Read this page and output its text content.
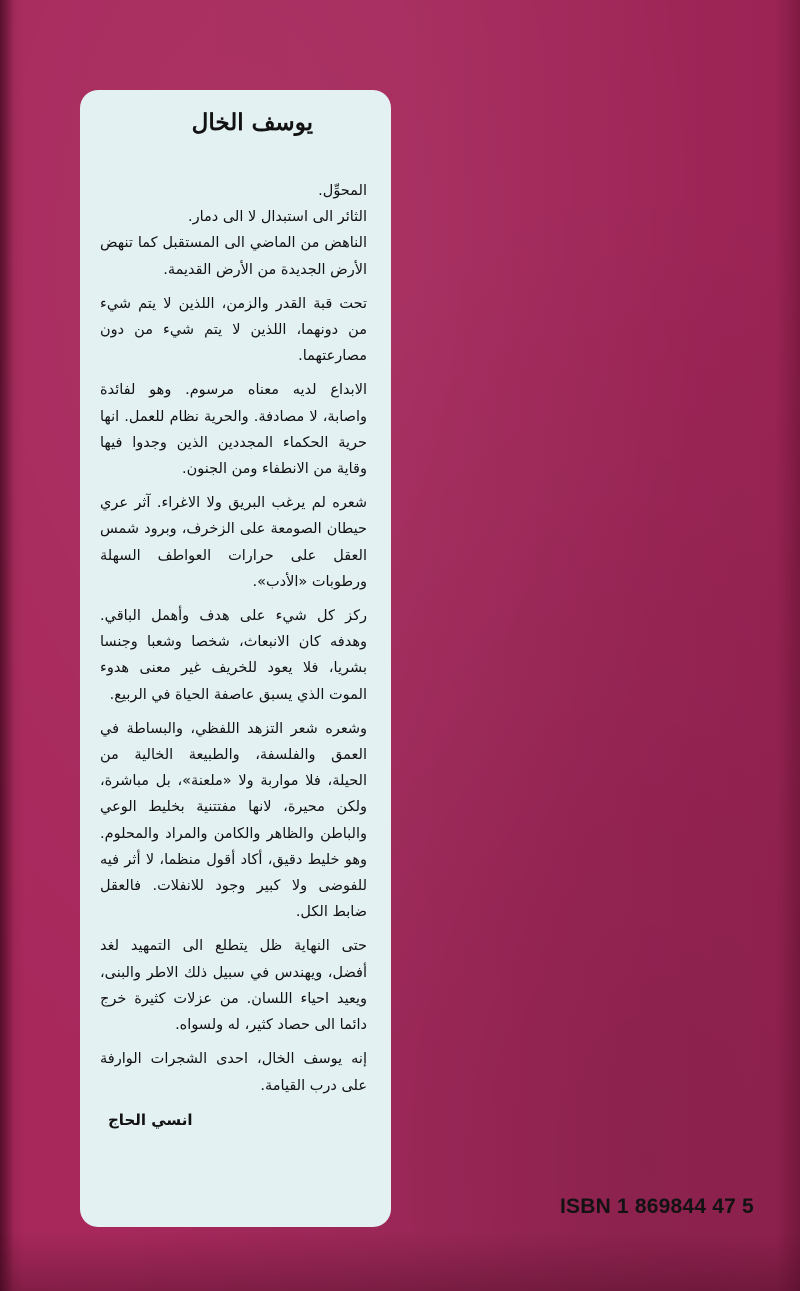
يوسف الخال

المحوِّل.
الثائر الى استبدال لا الى دمار.
الناهض من الماضي الى المستقبل كما تنهض الأرض الجديدة من الأرض القديمة.

تحت قبة القدر والزمن، اللذين لا يتم شيء من دونهما، اللذين لا يتم شيء من دون مصارعتهما.

الابداع لديه معناه مرسوم. وهو لفائدة واصابة، لا مصادفة. والحرية نظام للعمل. انها حرية الحكماء المجددين الذين وجدوا فيها وقاية من الانطفاء ومن الجنون.

شعره لم يرغب البريق ولا الاغراء. آثر عري حيطان الصومعة على الزخرف، وبرود شمس العقل على حرارات العواطف السهلة ورطوبات «الأدب».

ركز كل شيء على هدف وأهمل الباقي. وهدفه كان الانبعاث، شخصا وشعبا وجنسا بشريا، فلا يعود للخريف غير معنى هدوء الموت الذي يسبق عاصفة الحياة في الربيع.

وشعره شعر التزهد اللفظي، والبساطة في العمق والفلسفة، والطبيعة الخالية من الحيلة، فلا مواربة ولا «ملعنة»، بل مباشرة، ولكن محيرة، لانها مفتتنية بخليط الوعي والباطن والظاهر والكامن والمراد والمحلوم. وهو خليط دقيق، أكاد أقول منظما، لا أثر فيه للفوضى ولا كبير وجود للانفلات. فالعقل ضابط الكل.

حتى النهاية ظل يتطلع الى التمهيد لغد أفضل، ويهندس في سبيل ذلك الاطر والبنى، ويعيد احياء اللسان. من عزلات كثيرة خرج دائما الى حصاد كثير، له ولسواه.

إنه يوسف الخال، احدى الشجرات الوارفة على درب القيامة.

انسي الحاج
ISBN 1 869844 47 5
